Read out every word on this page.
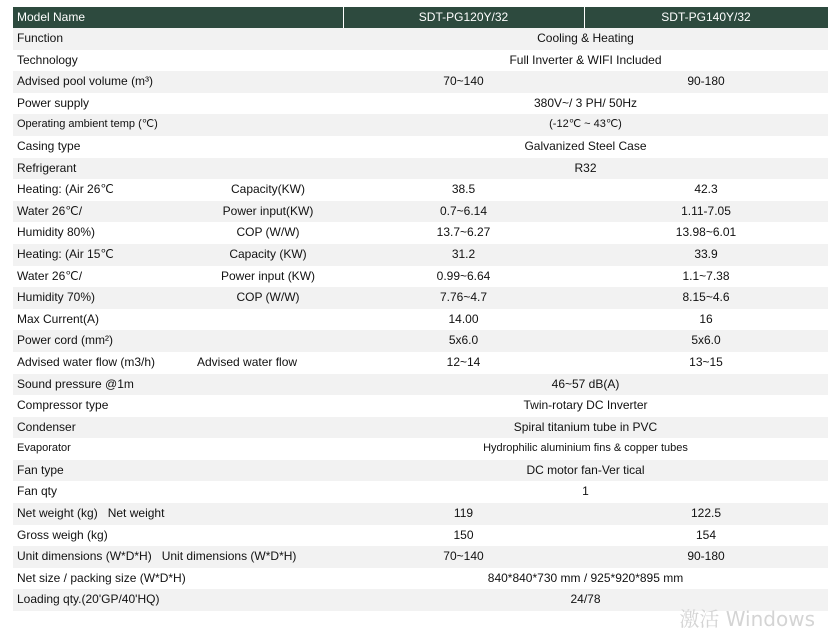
Model Name		SDT-PG120Y/32	SDT-PG140Y/32
Function		Cooling & Heating	
Technology		Full Inverter & WIFI Included	
Advised pool volume (m³)		70~140	90-180
Power supply		380V~/ 3 PH/ 50Hz	
Operating ambient temp (℃)		(-12℃ ~ 43℃)	
Casing type		Galvanized Steel Case	
Refrigerant		R32	
Heating: (Air 26℃	Capacity(KW)	38.5	42.3
Water 26℃/	Power input(KW)	0.7~6.14	1.11-7.05
Humidity 80%)	COP (W/W)	13.7~6.27	13.98~6.01
Heating: (Air 15℃	Capacity (KW)	31.2	33.9
Water 26℃/	Power input (KW)	0.99~6.64	1.1~7.38
Humidity 70%)	COP (W/W)	7.76~4.7	8.15~4.6
Max Current(A)		14.00	16
Power cord (mm²)		5x6.0	5x6.0
Advised water flow (m3/h)	Advised water flow	12~14	13~15
Sound pressure @1m		46~57 dB(A)	
Compressor type		Twin-rotary DC Inverter	
Condenser		Spiral titanium tube in PVC	
Evaporator		Hydrophilic aluminium fins & copper tubes	
Fan type		DC motor fan-Ver tical	
Fan qty		1	
Net weight (kg) Net weight		119	122.5
Gross weigh (kg)		150	154
Unit dimensions (W*D*H) Unit dimensions (W*D*H)		70~140	90-180
Net size / packing size (W*D*H)		840*840*730 mm / 925*920*895 mm	
Loading qty.(20'GP/40'HQ)		24/78	
激活 Windows
